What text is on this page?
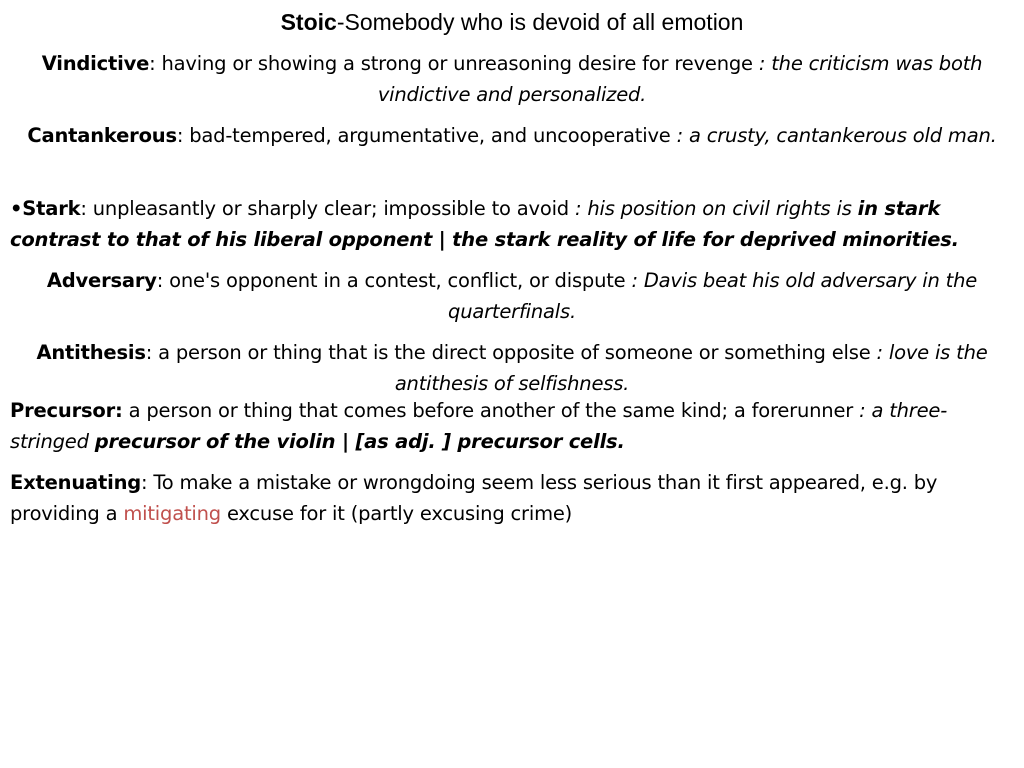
Stoic-Somebody who is devoid of all emotion
Vindictive: having or showing a strong or unreasoning desire for revenge : the criticism was both vindictive and personalized.
Cantankerous: bad-tempered, argumentative, and uncooperative : a crusty, cantankerous old man.
•Stark: unpleasantly or sharply clear; impossible to avoid : his position on civil rights is in stark contrast to that of his liberal opponent | the stark reality of life for deprived minorities.
Adversary: one's opponent in a contest, conflict, or dispute : Davis beat his old adversary in the quarterfinals.
Antithesis: a person or thing that is the direct opposite of someone or something else : love is the antithesis of selfishness.
Precursor: a person or thing that comes before another of the same kind; a forerunner : a three-stringed precursor of the violin | [as adj. ] precursor cells.
Extenuating: To make a mistake or wrongdoing seem less serious than it first appeared, e.g. by providing a mitigating excuse for it (partly excusing crime)
